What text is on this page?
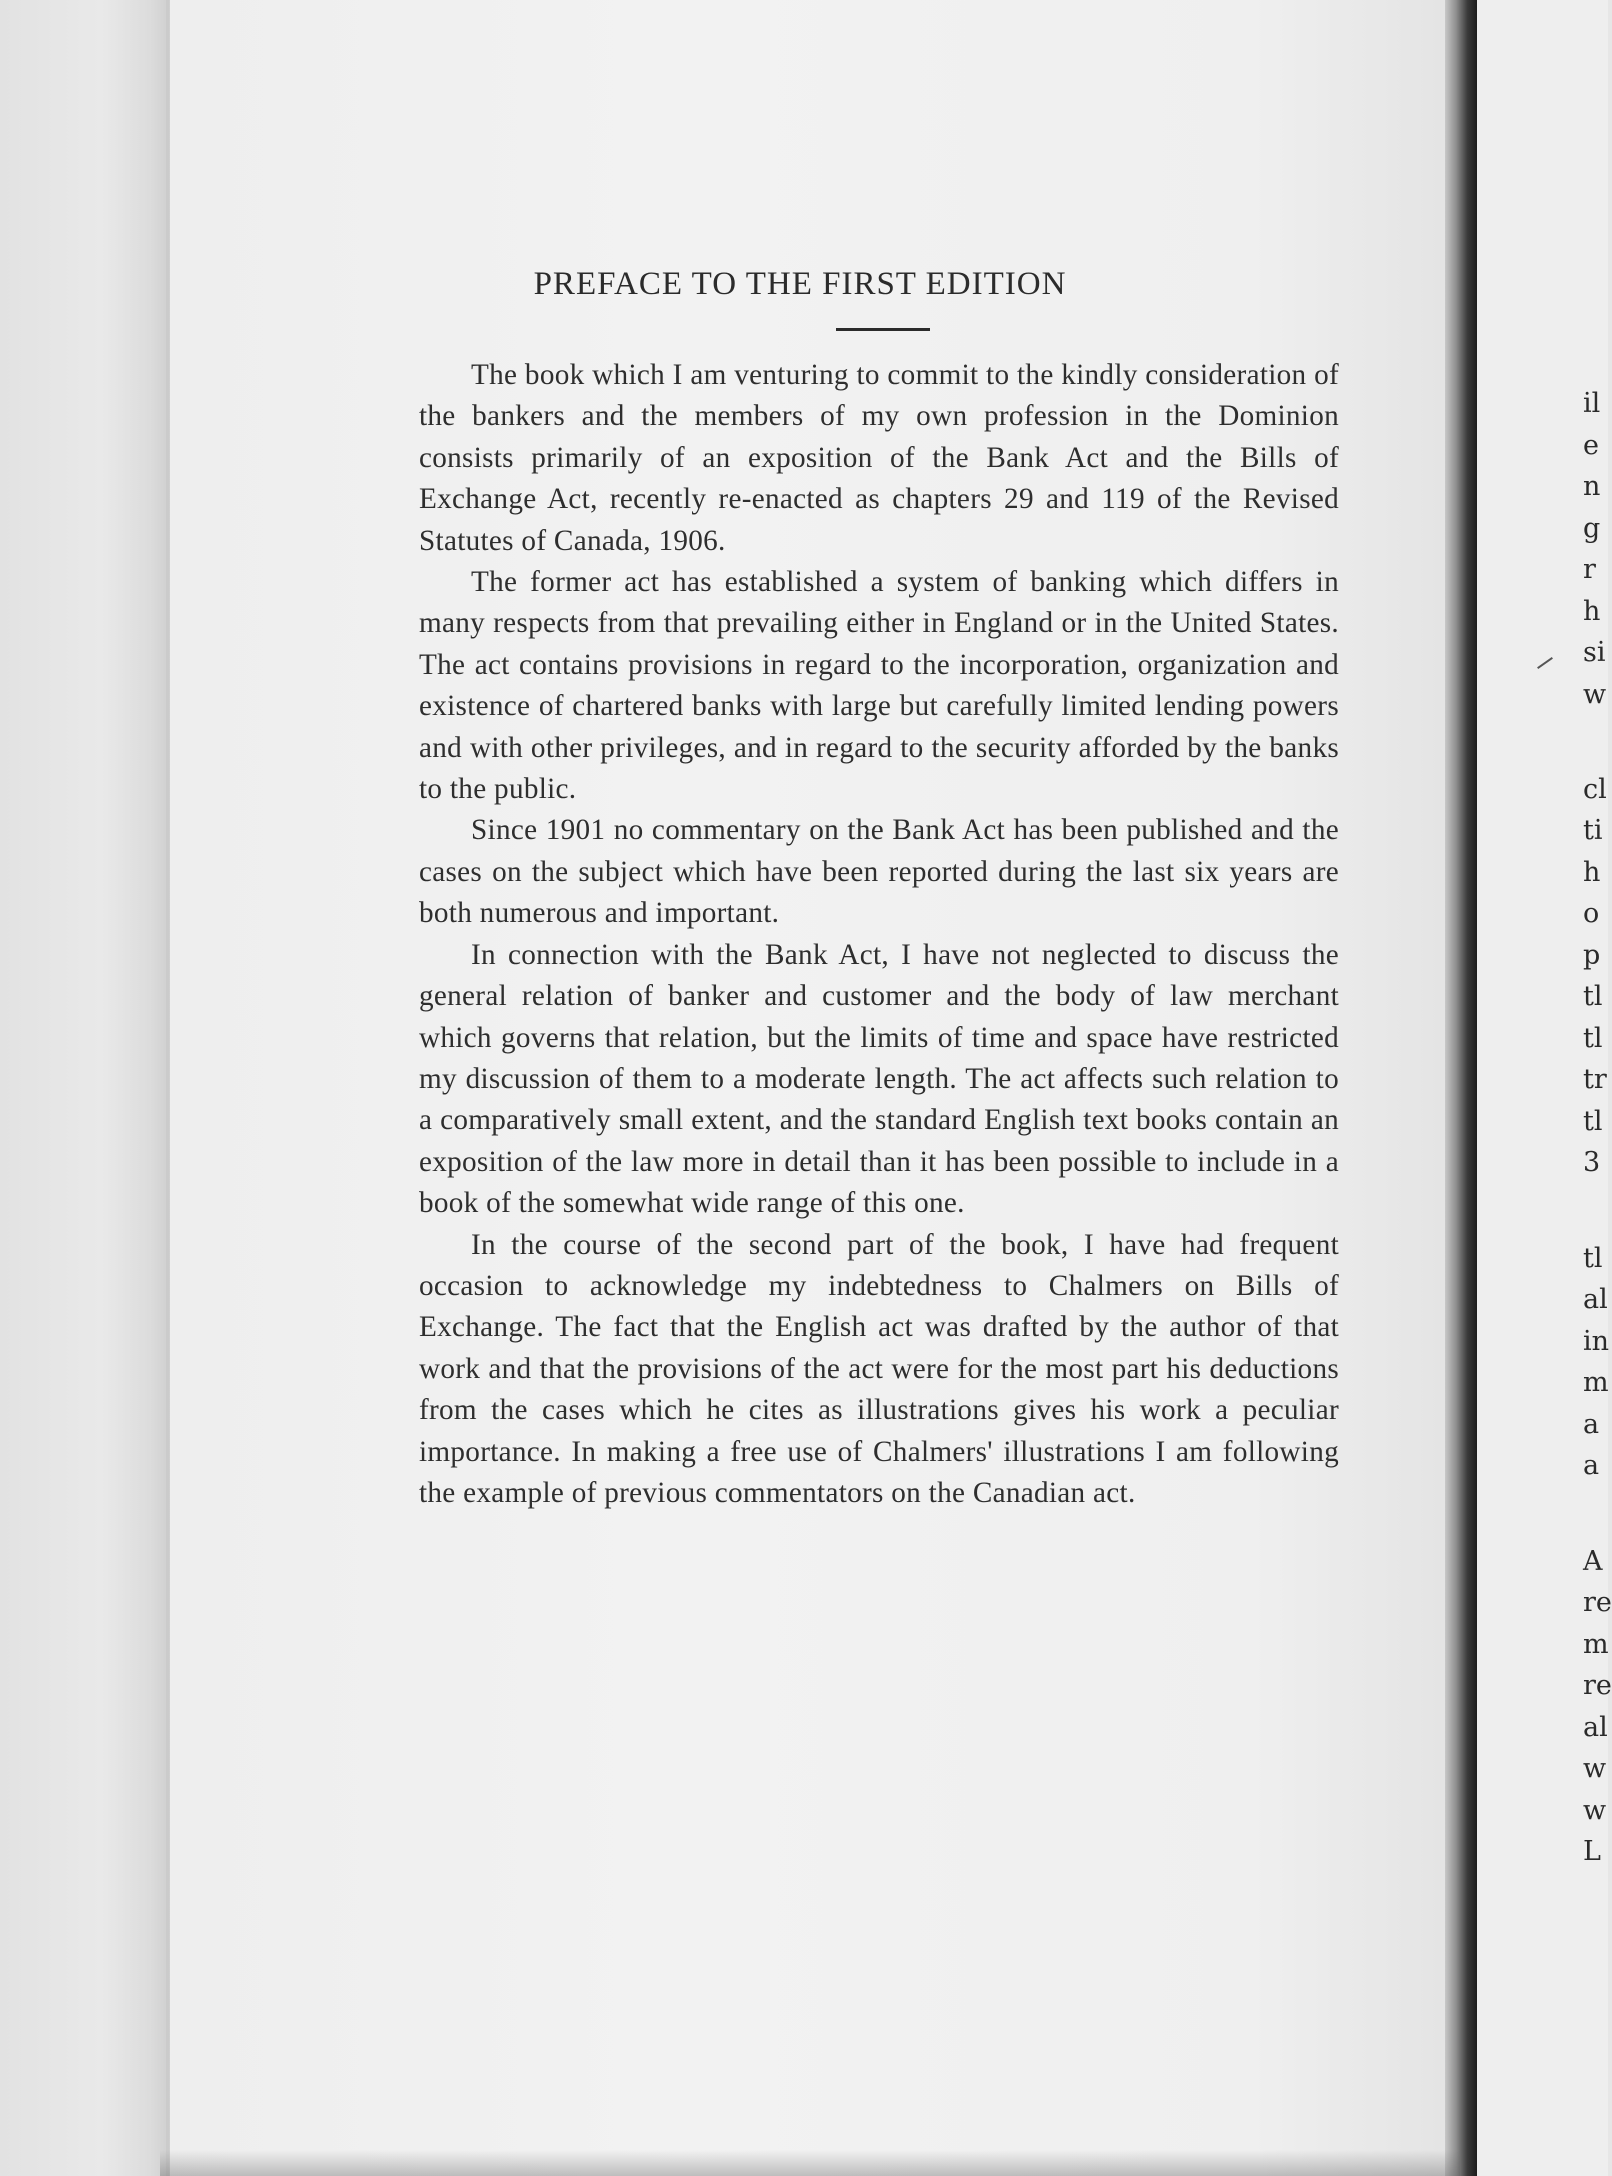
PREFACE TO THE FIRST EDITION

The book which I am venturing to commit to the kindly consideration of the bankers and the members of my own profession in the Dominion consists primarily of an exposition of the Bank Act and the Bills of Exchange Act, recently re-enacted as chapters 29 and 119 of the Revised Statutes of Canada, 1906.

The former act has established a system of banking which differs in many respects from that prevailing either in England or in the United States. The act contains provisions in regard to the incorporation, organization and existence of chartered banks with large but carefully limited lending powers and with other privileges, and in regard to the security afforded by the banks to the public.

Since 1901 no commentary on the Bank Act has been published and the cases on the subject which have been reported during the last six years are both numerous and important.

In connection with the Bank Act, I have not neglected to discuss the general relation of banker and customer and the body of law merchant which governs that relation, but the limits of time and space have restricted my discussion of them to a moderate length. The act affects such relation to a comparatively small extent, and the standard English text books contain an exposition of the law more in detail than it has been possible to include in a book of the somewhat wide range of this one.

In the course of the second part of the book, I have had frequent occasion to acknowledge my indebtedness to Chalmers on Bills of Exchange. The fact that the English act was drafted by the author of that work and that the provisions of the act were for the most part his deductions from the cases which he cites as illustrations gives his work a peculiar importance. In making a free use of Chalmers' illustrations I am following the example of previous commentators on the Canadian act.

il
e
n
g
r
h
si
w
cl
ti
h
o
p
tl
tl
tr
tl
3
tl
al
in
m
a
a
A
re
m
re
al
w
w
L
